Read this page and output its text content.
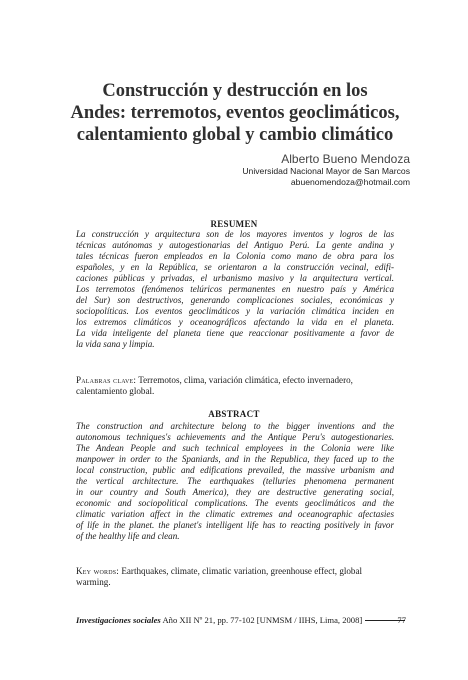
Construcción y destrucción en los
Andes: terremotos, eventos geoclimáticos,
calentamiento global y cambio climático
Alberto Bueno Mendoza
Universidad Nacional Mayor de San Marcos
abuenomendoza@hotmail.com
RESUMEN
La construcción y arquitectura son de los mayores inventos y logros de las
técnicas autónomas y autogestionarias del Antiguo Perú. La gente andina y
tales técnicas fueron empleados en la Colonia como mano de obra para los
españoles, y en la República, se orientaron a la construcción vecinal, edifi-
caciones públicas y privadas, el urbanismo masivo y la arquitectura vertical.
Los terremotos (fenómenos telúricos permanentes en nuestro país y América
del Sur) son destructivos, generando complicaciones sociales, económicas y
sociopolíticas. Los eventos geoclimáticos y la variación climática inciden en
los extremos climáticos y oceanográficos afectando la vida en el planeta.
La vida inteligente del planeta tiene que reaccionar positivamente a favor de
la vida sana y limpia.
Palabras clave: Terremotos, clima, variación climática, efecto invernadero, calentamiento global.
ABSTRACT
The construction and architecture belong to the bigger inventions and the
autonomous techniques's achievements and the Antique Peru's autogestionaries.
The Andean People and such technical employees in the Colonia were like
manpower in order to the Spaniards, and in the Republica, they faced up to the
local construction, public and edifications prevailed, the massive urbanism and
the vertical architecture. The earthquakes (telluries phenomena permanent
in our country and South America), they are destructive generating social,
economic and sociopolitical complications. The events geoclimáticos and the
climatic variation affect in the climatic extremes and oceanographic afectasies
of life in the planet. the planet's intelligent life has to reacting positively in favor
of the healthy life and clean.
Key words: Earthquakes, climate, climatic variation, greenhouse effect, global warming.
Investigaciones sociales Año XII Nº 21, pp. 77-102 [UNMSM / IIHS, Lima, 2008]	77
